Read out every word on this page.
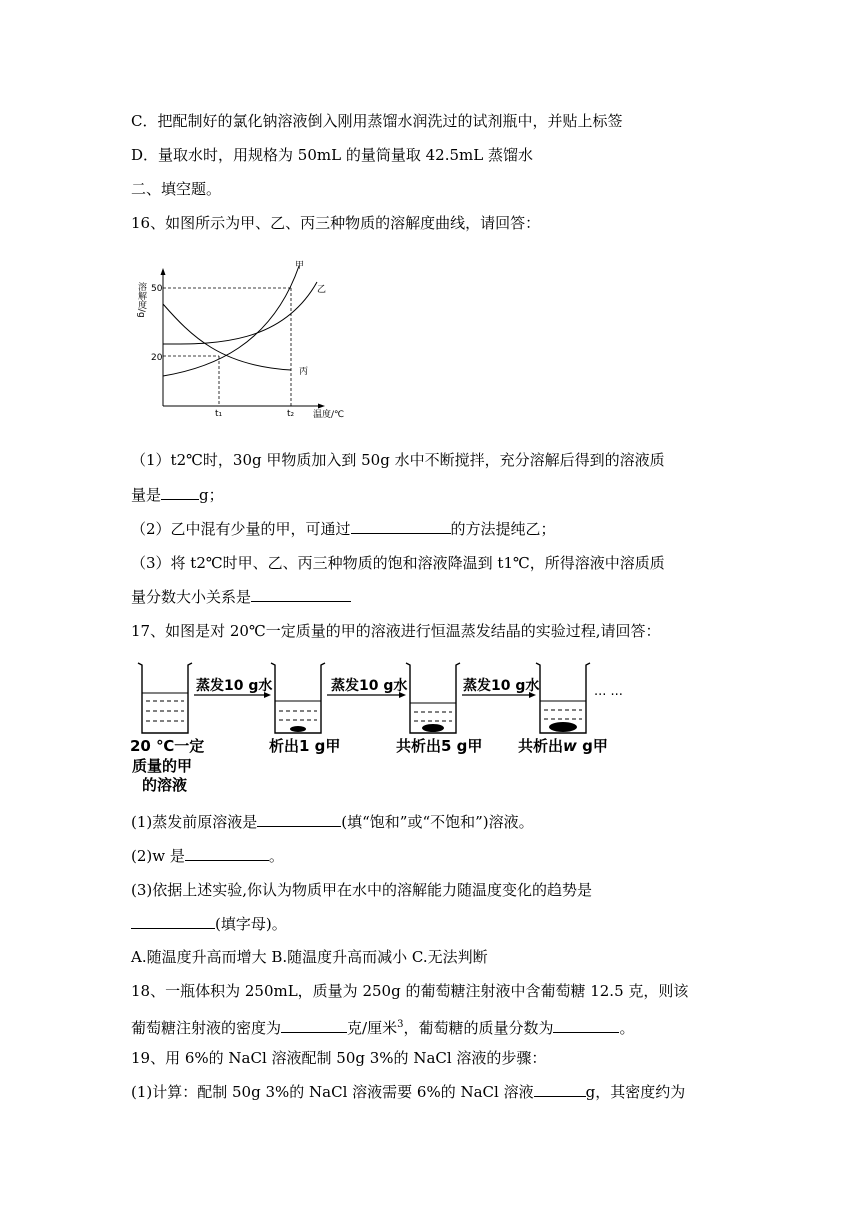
C．把配制好的氯化钠溶液倒入刚用蒸馏水润洗过的试剂瓶中，并贴上标签
D．量取水时，用规格为 50mL 的量筒量取 42.5mL 蒸馏水
二、填空题。
16、如图所示为甲、乙、丙三种物质的溶解度曲线，请回答：
溶解度/g
温度/℃
50
20
t₁	t₂
甲
乙
丙
（1）t2℃时，30g 甲物质加入到 50g 水中不断搅拌，充分溶解后得到的溶液质
量是	g；
（2）乙中混有少量的甲，可通过	的方法提纯乙；
（3）将 t2℃时甲、乙、丙三种物质的饱和溶液降温到 t1℃，所得溶液中溶质质
量分数大小关系是
17、如图是对 20℃一定质量的甲的溶液进行恒温蒸发结晶的实验过程,请回答：
蒸发10 g水	蒸发10 g水	蒸发10 g水	... ...
20 ℃一定
质量的甲
的溶液
析出1 g甲	共析出5 g甲 共析出w g甲
(1)蒸发前原溶液是	(填“饱和”或“不饱和”)溶液。
(2)w 是	。
(3)依据上述实验,你认为物质甲在水中的溶解能力随温度变化的趋势是
(填字母)。
A.随温度升高而增大 B.随温度升高而减小 C.无法判断
18、一瓶体积为 250mL，质量为 250g 的葡萄糖注射液中含葡萄糖 12.5 克，则该
葡萄糖注射液的密度为	克/厘米$^3$，葡萄糖的质量分数为	。
19、用 6%的 NaCl 溶液配制 50g 3%的 NaCl 溶液的步骤：
(1)计算：配制 50g 3%的 NaCl 溶液需要 6%的 NaCl 溶液	g，其密度约为
